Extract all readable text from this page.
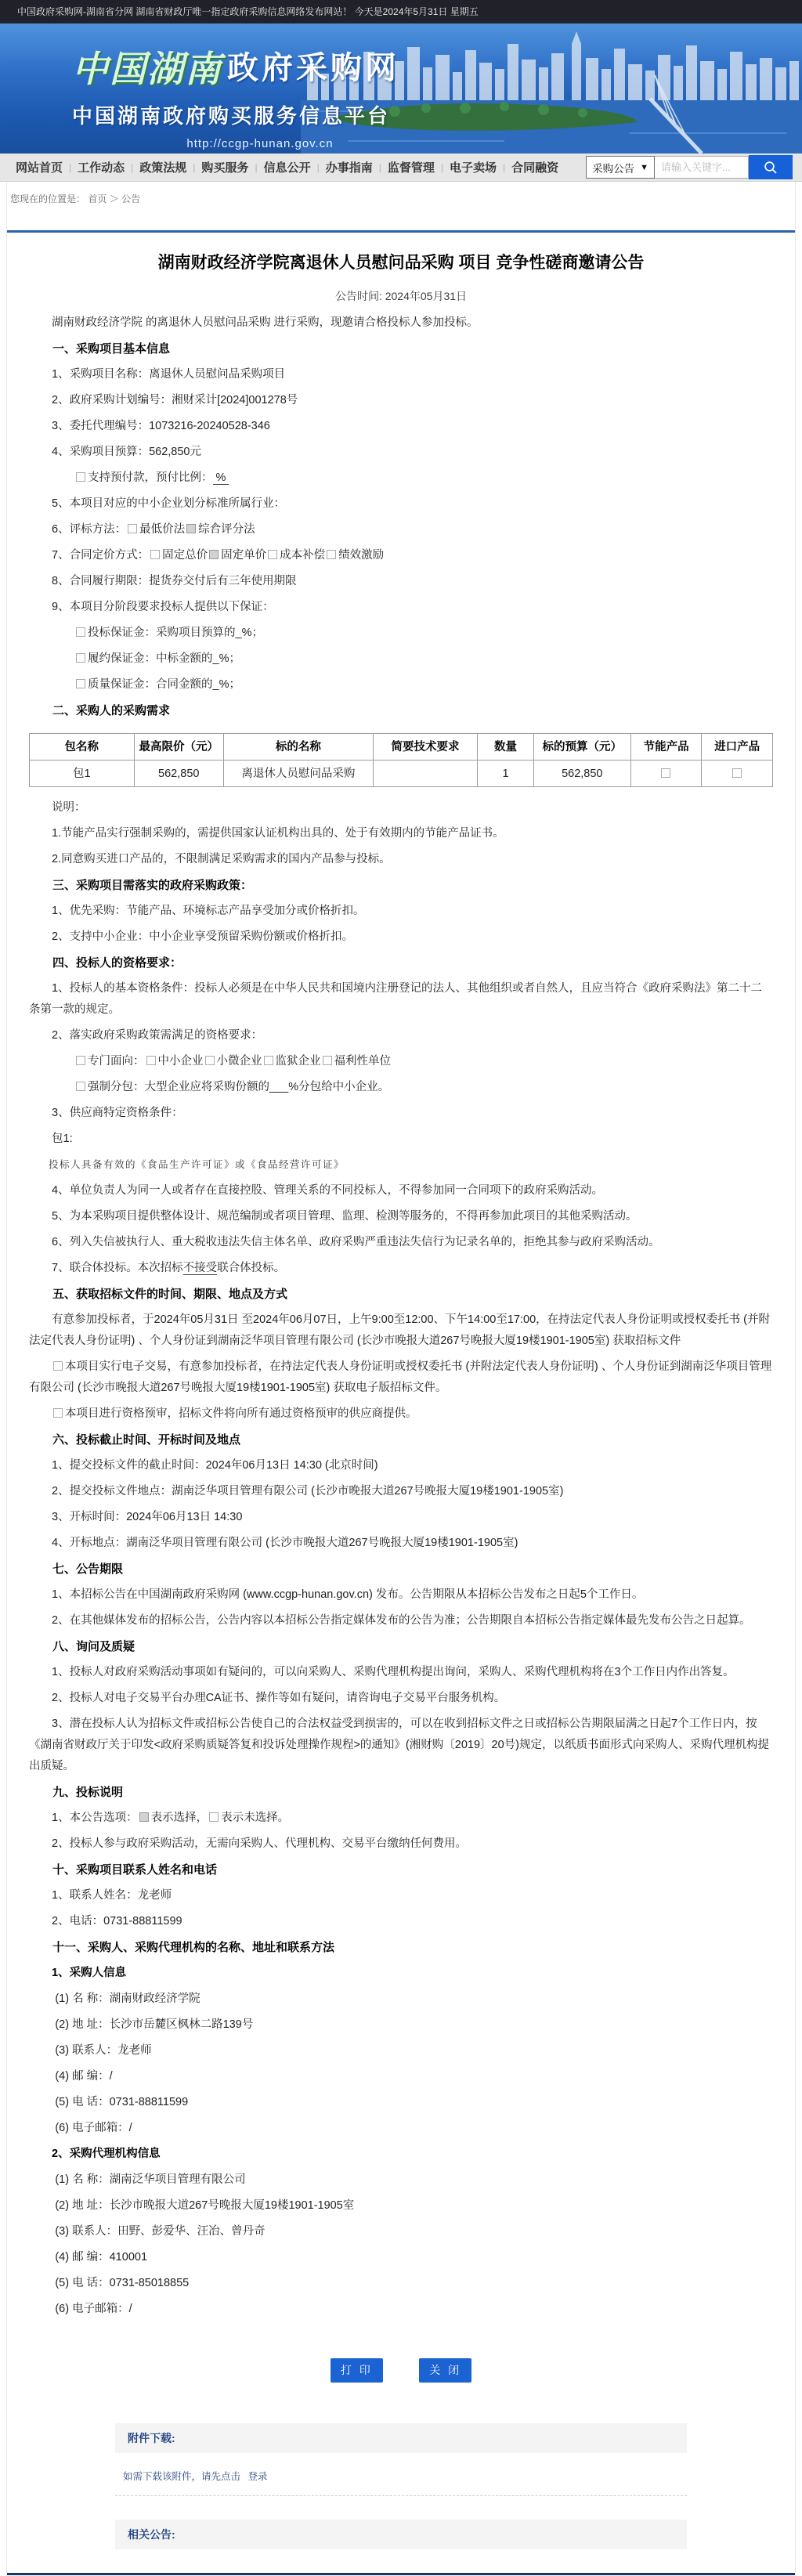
中国政府采购网-湖南省分网 湖南省财政厅唯一指定政府采购信息网络发布网站！ 今天是2024年5月31日 星期五
中国湖南 政府采购网
中国湖南政府购买服务信息平台
http://ccgp-hunan.gov.cn
网站首页 | 工作动态 | 政策法规 | 购买服务 | 信息公开 | 办事指南 | 监督管理 | 电子卖场 | 合同融资	采购公告 ▼
请输入关键字...
您现在的位置是： 首页 ＞ 公告
湖南财政经济学院离退休人员慰问品采购 项目 竞争性磋商邀请公告
公告时间: 2024年05月31日
湖南财政经济学院 的离退休人员慰问品采购 进行采购，现邀请合格投标人参加投标。
一、采购项目基本信息
1、采购项目名称：离退休人员慰问品采购项目
2、政府采购计划编号：湘财采计[2024]001278号
3、委托代理编号：1073216-20240528-346
4、采购项目预算：562,850元
支持预付款，预付比例： %
5、本项目对应的中小企业划分标准所属行业：
6、评标方法： 最低价法 ✓ 综合评分法
7、合同定价方式： 固定总价 ✓ 固定单价 成本补偿 绩效激励
8、合同履行期限：提货券交付后有三年使用期限
9、本项目分阶段要求投标人提供以下保证：
投标保证金：采购项目预算的_%；
履约保证金：中标金额的_%；
质量保证金：合同金额的_%；
二、采购人的采购需求
包名称	最高限价（元）	标的名称	简要技术要求	数量	标的预算（元）	节能产品	进口产品
包1	562,850	离退休人员慰问品采购		1	562,850		
说明：
1.节能产品实行强制采购的，需提供国家认证机构出具的、处于有效期内的节能产品证书。
2.同意购买进口产品的，不限制满足采购需求的国内产品参与投标。
三、采购项目需落实的政府采购政策：
1、优先采购：节能产品、环境标志产品享受加分或价格折扣。
2、支持中小企业：中小企业享受预留采购份额或价格折扣。
四、投标人的资格要求：
1、投标人的基本资格条件：投标人必须是在中华人民共和国境内注册登记的法人、其他组织或者自然人，且应当符合《政府采购法》第二十二条第一款的规定。
2、落实政府采购政策需满足的资格要求：
专门面向： 中小企业 小微企业 监狱企业 福利性单位
强制分包：大型企业应将采购份额的___%分包给中小企业。
3、供应商特定资格条件：
包1:
投标人具备有效的《食品生产许可证》或《食品经营许可证》
4、单位负责人为同一人或者存在直接控股、管理关系的不同投标人，不得参加同一合同项下的政府采购活动。
5、为本采购项目提供整体设计、规范编制或者项目管理、监理、检测等服务的，不得再参加此项目的其他采购活动。
6、列入失信被执行人、重大税收违法失信主体名单、政府采购严重违法失信行为记录名单的，拒绝其参与政府采购活动。
7、联合体投标。本次招标不接受联合体投标。
五、获取招标文件的时间、期限、地点及方式
有意参加投标者，于2024年05月31日 至2024年06月07日，上午9:00至12:00、下午14:00至17:00，在持法定代表人身份证明或授权委托书 (并附法定代表人身份证明) 、个人身份证到湖南泛华项目管理有限公司 (长沙市晚报大道267号晚报大厦19楼1901-1905室) 获取招标文件
本项目实行电子交易，有意参加投标者，在持法定代表人身份证明或授权委托书 (并附法定代表人身份证明) 、个人身份证到湖南泛华项目管理有限公司 (长沙市晚报大道267号晚报大厦19楼1901-1905室) 获取电子版招标文件。
本项目进行资格预审，招标文件将向所有通过资格预审的供应商提供。
六、投标截止时间、开标时间及地点
1、提交投标文件的截止时间：2024年06月13日 14:30 (北京时间)
2、提交投标文件地点：湖南泛华项目管理有限公司 (长沙市晚报大道267号晚报大厦19楼1901-1905室)
3、开标时间：2024年06月13日 14:30
4、开标地点：湖南泛华项目管理有限公司 (长沙市晚报大道267号晚报大厦19楼1901-1905室)
七、公告期限
1、本招标公告在中国湖南政府采购网 (www.ccgp-hunan.gov.cn) 发布。公告期限从本招标公告发布之日起5个工作日。
2、在其他媒体发布的招标公告，公告内容以本招标公告指定媒体发布的公告为准；公告期限自本招标公告指定媒体最先发布公告之日起算。
八、询问及质疑
1、投标人对政府采购活动事项如有疑问的，可以向采购人、采购代理机构提出询问，采购人、采购代理机构将在3个工作日内作出答复。
2、投标人对电子交易平台办理CA证书、操作等如有疑问，请咨询电子交易平台服务机构。
3、潜在投标人认为招标文件或招标公告使自己的合法权益受到损害的，可以在收到招标文件之日或招标公告期限届满之日起7个工作日内，按《湖南省财政厅关于印发<政府采购质疑答复和投诉处理操作规程>的通知》(湘财购〔2019〕20号)规定，以纸质书面形式向采购人、采购代理机构提出质疑。
九、投标说明
1、本公告选项： ✓ 表示选择， 表示未选择。
2、投标人参与政府采购活动，无需向采购人、代理机构、交易平台缴纳任何费用。
十、采购项目联系人姓名和电话
1、联系人姓名：龙老师
2、电话：0731-88811599
十一、采购人、采购代理机构的名称、地址和联系方法
1、采购人信息
(1) 名 称：湖南财政经济学院
(2) 地 址：长沙市岳麓区枫林二路139号
(3) 联系人：龙老师
(4) 邮 编：/
(5) 电 话：0731-88811599
(6) 电子邮箱：/
2、采购代理机构信息
(1) 名 称：湖南泛华项目管理有限公司
(2) 地 址：长沙市晚报大道267号晚报大厦19楼1901-1905室
(3) 联系人：田野、彭爱华、汪冶、曾丹奇
(4) 邮 编：410001
(5) 电 话：0731-85018855
(6) 电子邮箱：/
打 印	关 闭
附件下载:
如需下载该附件，请先点击 登录
相关公告:
